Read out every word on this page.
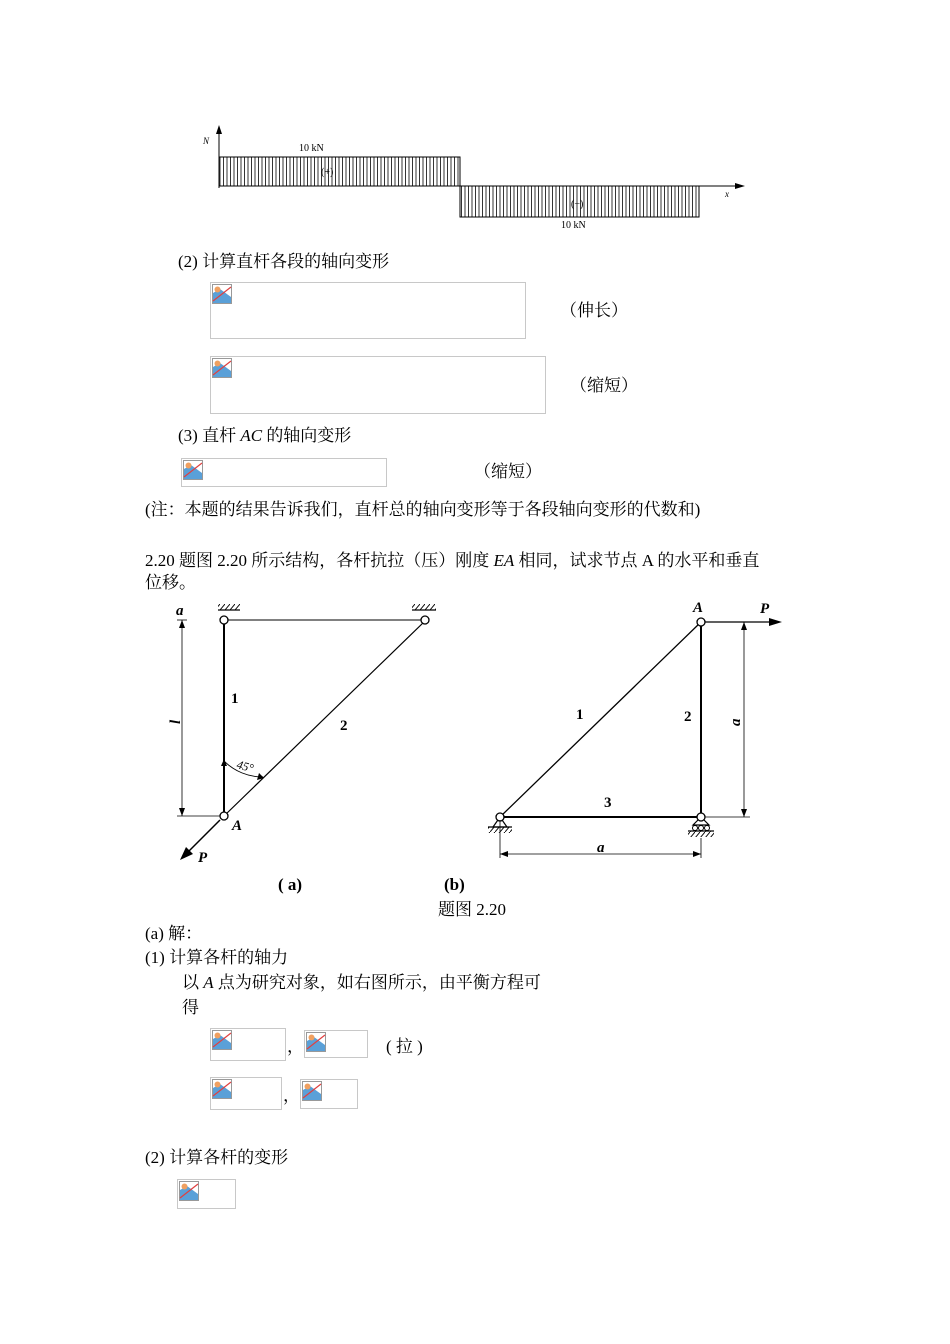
N
x
10 kN
(+)
(−)
10 kN
(2) 计算直杆各段的轴向变形
（伸长）
（缩短）
(3) 直杆 AC 的轴向变形
（缩短）
(注：本题的结果告诉我们，直杆总的轴向变形等于各段轴向变形的代数和)
2.20 题图 2.20 所示结构，各杆抗拉（压）刚度 EA 相同，试求节点 A 的水平和垂直
位移。
a
l
1
2
45°
A
P
A	P
1	2
3
a
a
( a)	(b)
题图 2.20
(a) 解：
(1) 计算各杆的轴力
以 A 点为研究对象，如右图所示，由平衡方程可
得
，	( 拉 )
，
(2) 计算各杆的变形
